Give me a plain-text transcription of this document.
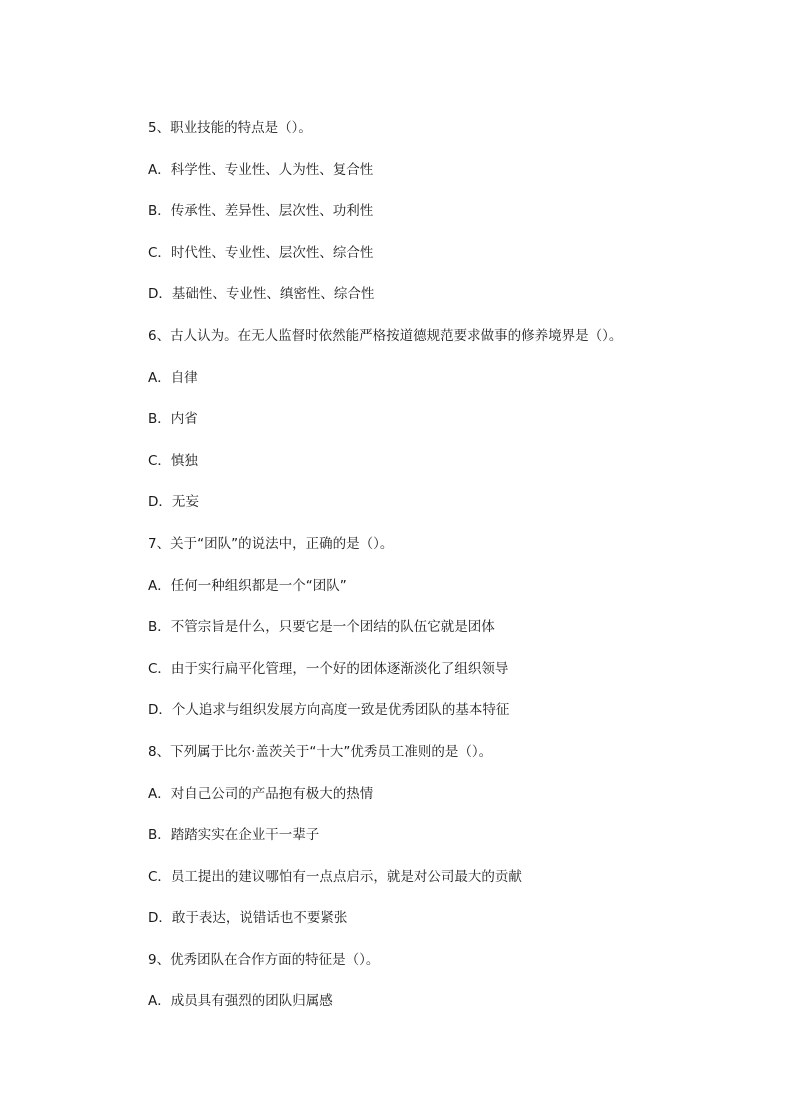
5、职业技能的特点是（）。
A．科学性、专业性、人为性、复合性
B．传承性、差异性、层次性、功利性
C．时代性、专业性、层次性、综合性
D．基础性、专业性、缜密性、综合性
6、古人认为。在无人监督时依然能严格按道德规范要求做事的修养境界是（）。
A．自律
B．内省
C．慎独
D．无妄
7、关于“团队”的说法中，正确的是（）。
A．任何一种组织都是一个“团队”
B．不管宗旨是什么，只要它是一个团结的队伍它就是团体
C．由于实行扁平化管理，一个好的团体逐渐淡化了组织领导
D．个人追求与组织发展方向高度一致是优秀团队的基本特征
8、下列属于比尔·盖茨关于“十大”优秀员工准则的是（）。
A．对自己公司的产品抱有极大的热情
B．踏踏实实在企业干一辈子
C．员工提出的建议哪怕有一点点启示，就是对公司最大的贡献
D．敢于表达，说错话也不要紧张
9、优秀团队在合作方面的特征是（）。
A．成员具有强烈的团队归属感
